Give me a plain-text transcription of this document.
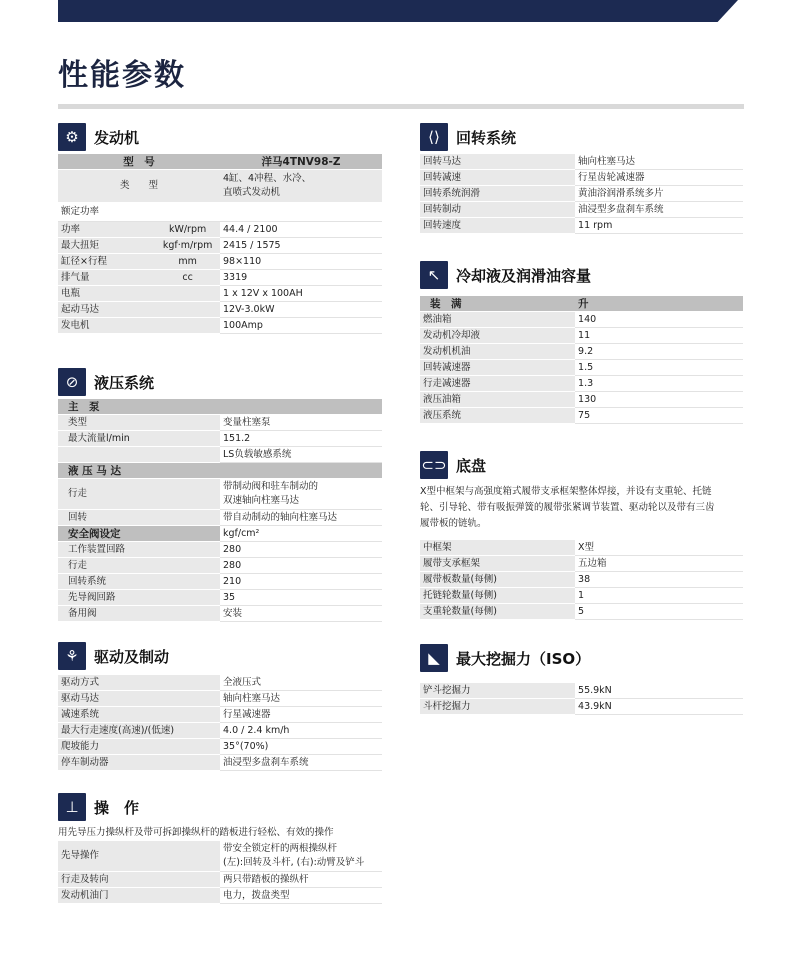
性能参数
⚙	发动机
型　号	洋马4TNV98-Z
类　　型	4缸、4冲程、水冷、
直喷式发动机
额定功率
功率	kW/rpm	44.4 / 2100
最大扭矩	kgf·m/rpm	2415 / 1575
缸径×行程	mm	98×110
排气量	cc	3319
电瓶	1 x 12V x 100AH
起动马达	12V-3.0kW
发电机	100Amp
⊘	液压系统
主　泵	
类型	变量柱塞泵
最大流量l/min	151.2
	LS负载敏感系统
液 压 马 达	
行走	带制动阀和驻车制动的
双速轴向柱塞马达

回转	带自动制动的轴向柱塞马达
安全阀设定	kgf/cm²
工作装置回路	280
行走	280
回转系统	210
先导阀回路	35
备用阀	安装
⚘	驱动及制动
驱动方式	全液压式
驱动马达	轴向柱塞马达
减速系统	行星减速器
最大行走速度(高速)/(低速)	4.0 / 2.4 km/h
爬坡能力	35°(70%)
停车制动器	油浸型多盘刹车系统
⊥	操　作
用先导压力操纵杆及带可拆卸操纵杆的踏板进行轻松、有效的操作
先导操作	带安全锁定杆的两根操纵杆
(左):回转及斗杆, (右):动臂及铲斗

行走及转向	两只带踏板的操纵杆
发动机油门	电力，拨盘类型
⟨⟩	回转系统
回转马达	轴向柱塞马达
回转减速	行星齿轮减速器
回转系统润滑	黄油浴润滑系统多片
回转制动	油浸型多盘刹车系统
回转速度	11 rpm
↖	冷却液及润滑油容量
装　满	升
燃油箱	140
发动机冷却液	11
发动机机油	9.2
回转减速器	1.5
行走减速器	1.3
液压油箱	130
液压系统	75
⊂⊃ 底盘
X型中框架与高强度箱式履带支承框架整体焊接，并设有支重轮、托链
轮、引导轮、带有吸振弹簧的履带张紧调节装置、驱动轮以及带有三齿
履带板的链轨。
中框架	X型
履带支承框架	五边箱
履带板数量(每侧)	38
托链轮数量(每侧)	1
支重轮数量(每侧)	5
◣	最大挖掘力（ISO）
铲斗挖掘力	55.9kN
斗杆挖掘力	43.9kN
